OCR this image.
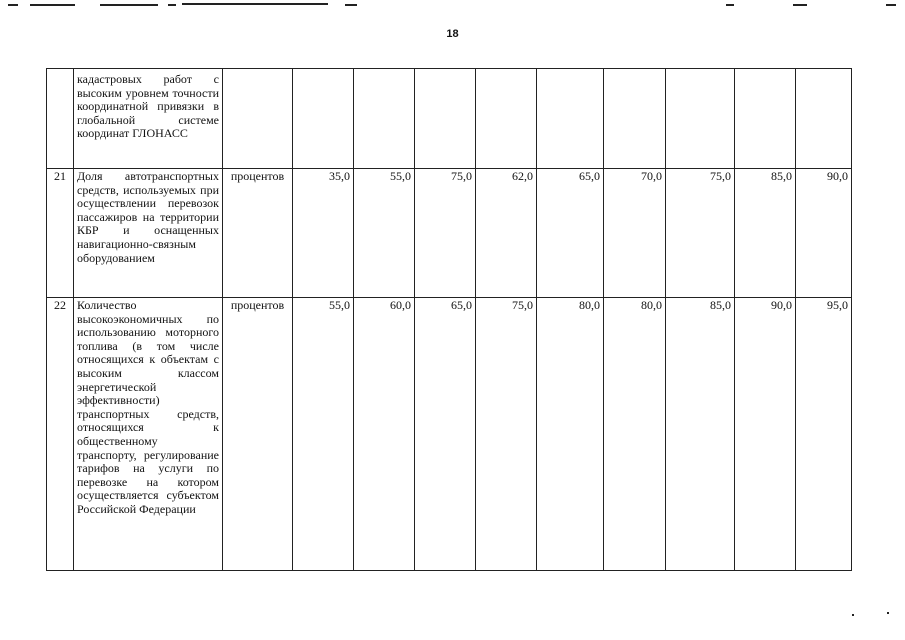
18
	кадастровых работ с высоким уровнем точности координатной привязки в глобальной системе координат ГЛОНАСС										
21	Доля автотранспортных средств, используемых при осуществлении перевозок пассажиров на территории КБР и оснащенных навигационно-связным оборудованием	процентов	35,0	55,0	75,0	62,0	65,0	70,0	75,0	85,0	90,0
22	Количество высокоэкономичных по использованию моторного топлива (в том числе относящихся к объектам с высоким классом энергетической эффективности) транспортных средств, относящихся к общественному транспорту, регулирование тарифов на услуги по перевозке на котором осуществляется субъектом Российской Федерации	процентов	55,0	60,0	65,0	75,0	80,0	80,0	85,0	90,0	95,0
